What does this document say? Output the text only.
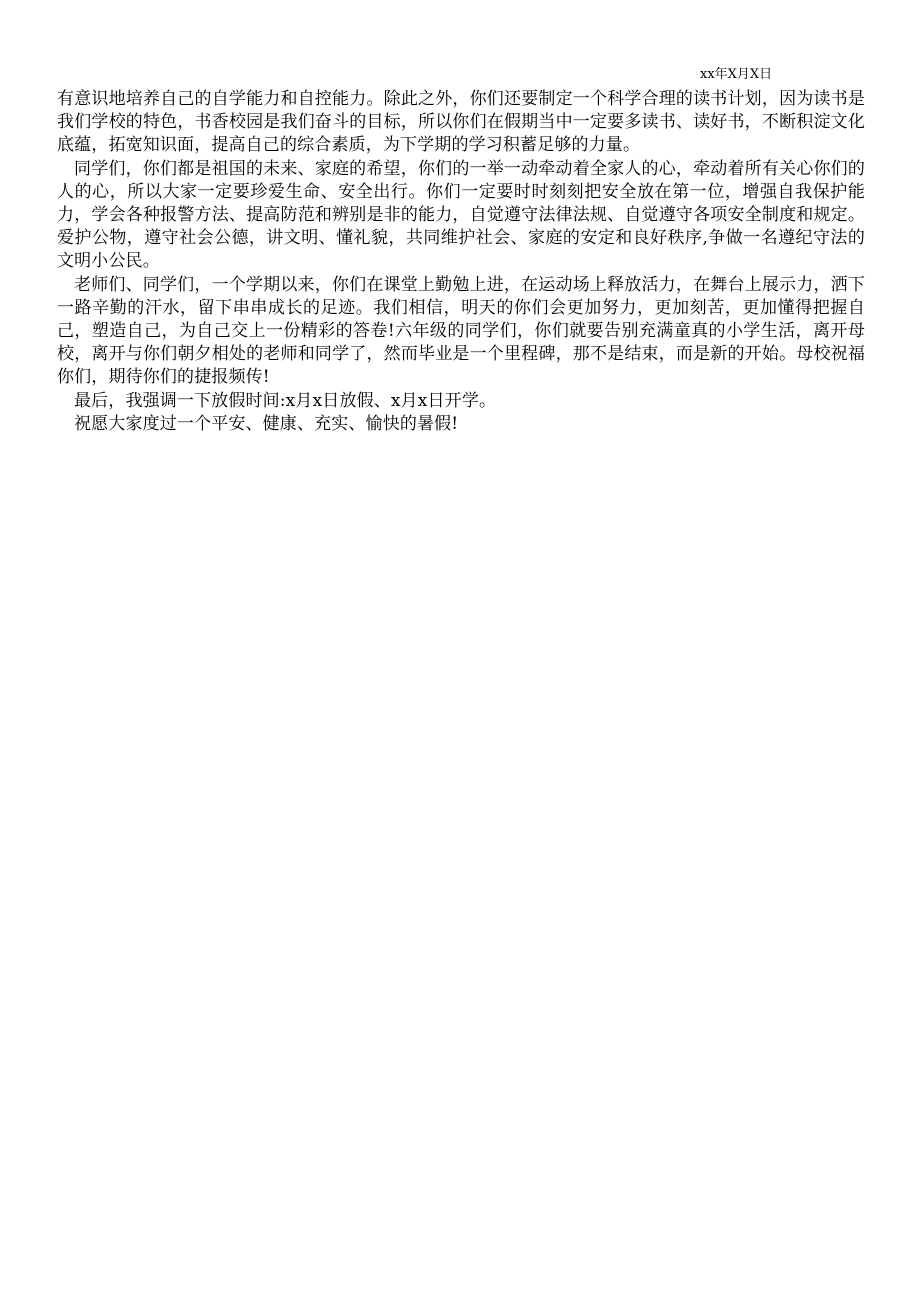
xx年X月X日

有意识地培养自己的自学能力和自控能力。除此之外，你们还要制定一个科学合理的读书计划，因为读书是我们学校的特色，书香校园是我们奋斗的目标，所以你们在假期当中一定要多读书、读好书，不断积淀文化底蕴，拓宽知识面，提高自己的综合素质，为下学期的学习积蓄足够的力量。

同学们，你们都是祖国的未来、家庭的希望，你们的一举一动牵动着全家人的心，牵动着所有关心你们的人的心，所以大家一定要珍爱生命、安全出行。你们一定要时时刻刻把安全放在第一位，增强自我保护能力，学会各种报警方法、提高防范和辨别是非的能力，自觉遵守法律法规、自觉遵守各项安全制度和规定。爱护公物，遵守社会公德，讲文明、懂礼貌，共同维护社会、家庭的安定和良好秩序,争做一名遵纪守法的文明小公民。

老师们、同学们，一个学期以来，你们在课堂上勤勉上进，在运动场上释放活力，在舞台上展示力，洒下一路辛勤的汗水，留下串串成长的足迹。我们相信，明天的你们会更加努力，更加刻苦，更加懂得把握自己，塑造自己，为自己交上一份精彩的答卷!六年级的同学们，你们就要告别充满童真的小学生活，离开母校，离开与你们朝夕相处的老师和同学了，然而毕业是一个里程碑，那不是结束，而是新的开始。母校祝福你们，期待你们的捷报频传!

最后，我强调一下放假时间:x月x日放假、x月x日开学。

祝愿大家度过一个平安、健康、充实、愉快的暑假!
